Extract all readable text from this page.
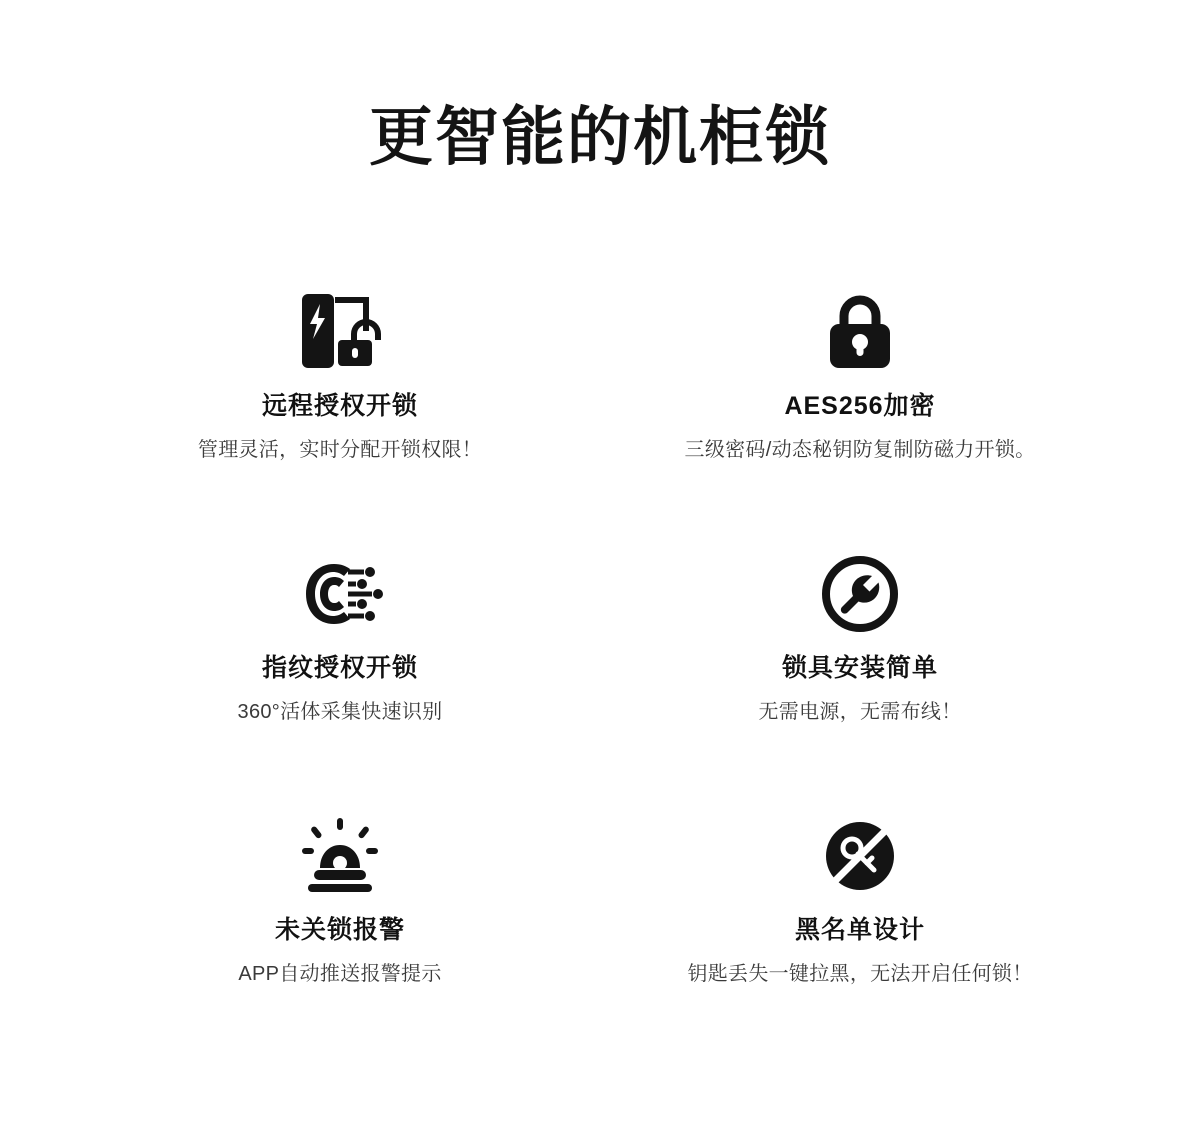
更智能的机柜锁

远程授权开锁

管理灵活，实时分配开锁权限！

AES256加密

三级密码/动态秘钥防复制防磁力开锁。

指纹授权开锁

360°活体采集快速识别

锁具安装简单

无需电源，无需布线！

未关锁报警

APP自动推送报警提示

黑名单设计

钥匙丢失一键拉黑，无法开启任何锁！
